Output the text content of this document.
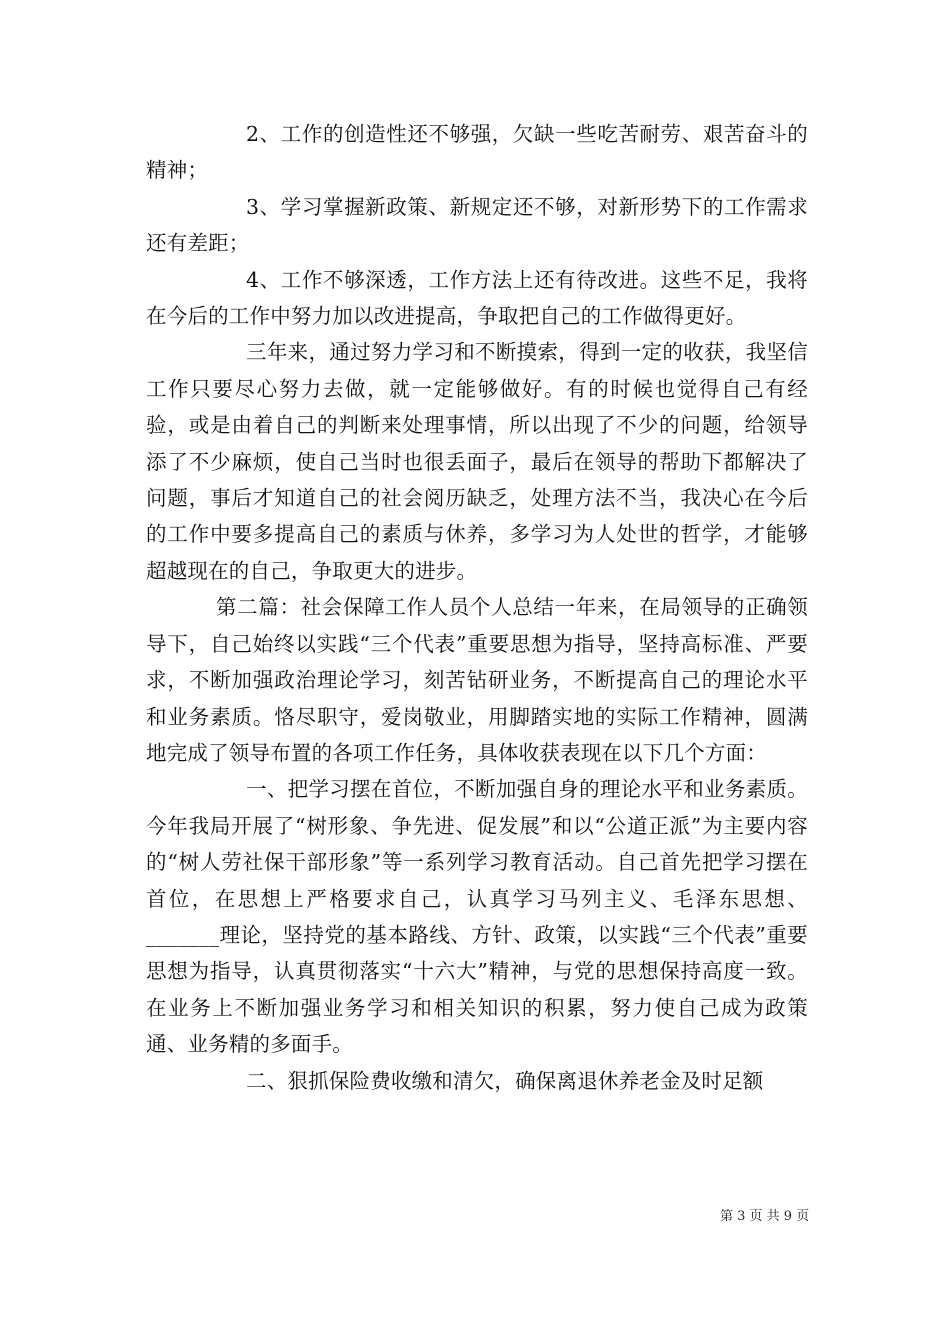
2、工作的创造性还不够强，欠缺一些吃苦耐劳、艰苦奋斗的精神；

3、学习掌握新政策、新规定还不够，对新形势下的工作需求还有差距；

4、工作不够深透，工作方法上还有待改进。这些不足，我将在今后的工作中努力加以改进提高，争取把自己的工作做得更好。

三年来，通过努力学习和不断摸索，得到一定的收获，我坚信工作只要尽心努力去做，就一定能够做好。有的时候也觉得自己有经验，或是由着自己的判断来处理事情，所以出现了不少的问题，给领导添了不少麻烦，使自己当时也很丢面子，最后在领导的帮助下都解决了问题，事后才知道自己的社会阅历缺乏，处理方法不当，我决心在今后的工作中要多提高自己的素质与休养，多学习为人处世的哲学，才能够超越现在的自己，争取更大的进步。

第二篇：社会保障工作人员个人总结一年来，在局领导的正确领导下，自己始终以实践“三个代表”重要思想为指导，坚持高标准、严要求，不断加强政治理论学习，刻苦钻研业务，不断提高自己的理论水平和业务素质。恪尽职守，爱岗敬业，用脚踏实地的实际工作精神，圆满地完成了领导布置的各项工作任务，具体收获表现在以下几个方面：

一、把学习摆在首位，不断加强自身的理论水平和业务素质。今年我局开展了“树形象、争先进、促发展”和以“公道正派”为主要内容的“树人劳社保干部形象”等一系列学习教育活动。自己首先把学习摆在首位，在思想上严格要求自己，认真学习马列主义、毛泽东思想、_______理论，坚持党的基本路线、方针、政策，以实践“三个代表”重要思想为指导，认真贯彻落实“十六大”精神，与党的思想保持高度一致。在业务上不断加强业务学习和相关知识的积累，努力使自己成为政策通、业务精的多面手。

二、狠抓保险费收缴和清欠，确保离退休养老金及时足额

第 3 页 共 9 页
